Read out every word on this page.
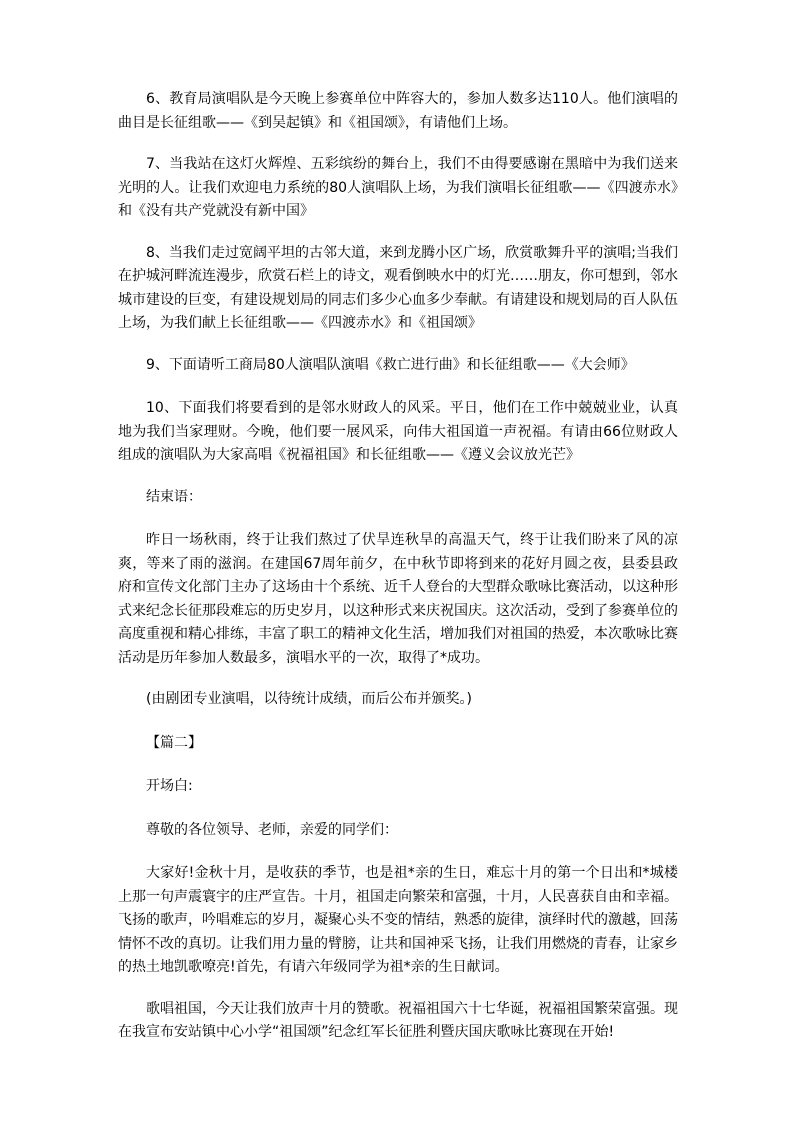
6、教育局演唱队是今天晚上参赛单位中阵容大的，参加人数多达110人。他们演唱的曲目是长征组歌——《到吴起镇》和《祖国颂》，有请他们上场。

7、当我站在这灯火辉煌、五彩缤纷的舞台上，我们不由得要感谢在黑暗中为我们送来光明的人。让我们欢迎电力系统的80人演唱队上场，为我们演唱长征组歌——《四渡赤水》和《没有共产党就没有新中国》

8、当我们走过宽阔平坦的古邻大道，来到龙腾小区广场，欣赏歌舞升平的演唱;当我们在护城河畔流连漫步，欣赏石栏上的诗文，观看倒映水中的灯光……朋友，你可想到，邻水城市建设的巨变，有建设规划局的同志们多少心血多少奉献。有请建设和规划局的百人队伍上场，为我们献上长征组歌——《四渡赤水》和《祖国颂》

9、下面请听工商局80人演唱队演唱《救亡进行曲》和长征组歌——《大会师》

10、下面我们将要看到的是邻水财政人的风采。平日，他们在工作中兢兢业业，认真地为我们当家理财。今晚，他们要一展风采，向伟大祖国道一声祝福。有请由66位财政人组成的演唱队为大家高唱《祝福祖国》和长征组歌——《遵义会议放光芒》

结束语：

昨日一场秋雨，终于让我们熬过了伏旱连秋旱的高温天气，终于让我们盼来了风的凉爽，等来了雨的滋润。在建国67周年前夕，在中秋节即将到来的花好月圆之夜，县委县政府和宣传文化部门主办了这场由十个系统、近千人登台的大型群众歌咏比赛活动，以这种形式来纪念长征那段难忘的历史岁月，以这种形式来庆祝国庆。这次活动，受到了参赛单位的高度重视和精心排练，丰富了职工的精神文化生活，增加我们对祖国的热爱，本次歌咏比赛活动是历年参加人数最多，演唱水平的一次，取得了*成功。

(由剧团专业演唱，以待统计成绩，而后公布并颁奖。)

【篇二】

开场白:

尊敬的各位领导、老师，亲爱的同学们：

大家好!金秋十月，是收获的季节，也是祖*亲的生日，难忘十月的第一个日出和*城楼上那一句声震寰宇的庄严宣告。十月，祖国走向繁荣和富强，十月，人民喜获自由和幸福。飞扬的歌声，吟唱难忘的岁月，凝聚心头不变的情结，熟悉的旋律，演绎时代的激越，回荡情怀不改的真切。让我们用力量的臂膀，让共和国神采飞扬，让我们用燃烧的青春，让家乡的热土地凯歌嘹亮!首先，有请六年级同学为祖*亲的生日献词。

歌唱祖国，今天让我们放声十月的赞歌。祝福祖国六十七华诞，祝福祖国繁荣富强。现在我宣布安站镇中心小学“祖国颂”纪念红军长征胜利暨庆国庆歌咏比赛现在开始!
